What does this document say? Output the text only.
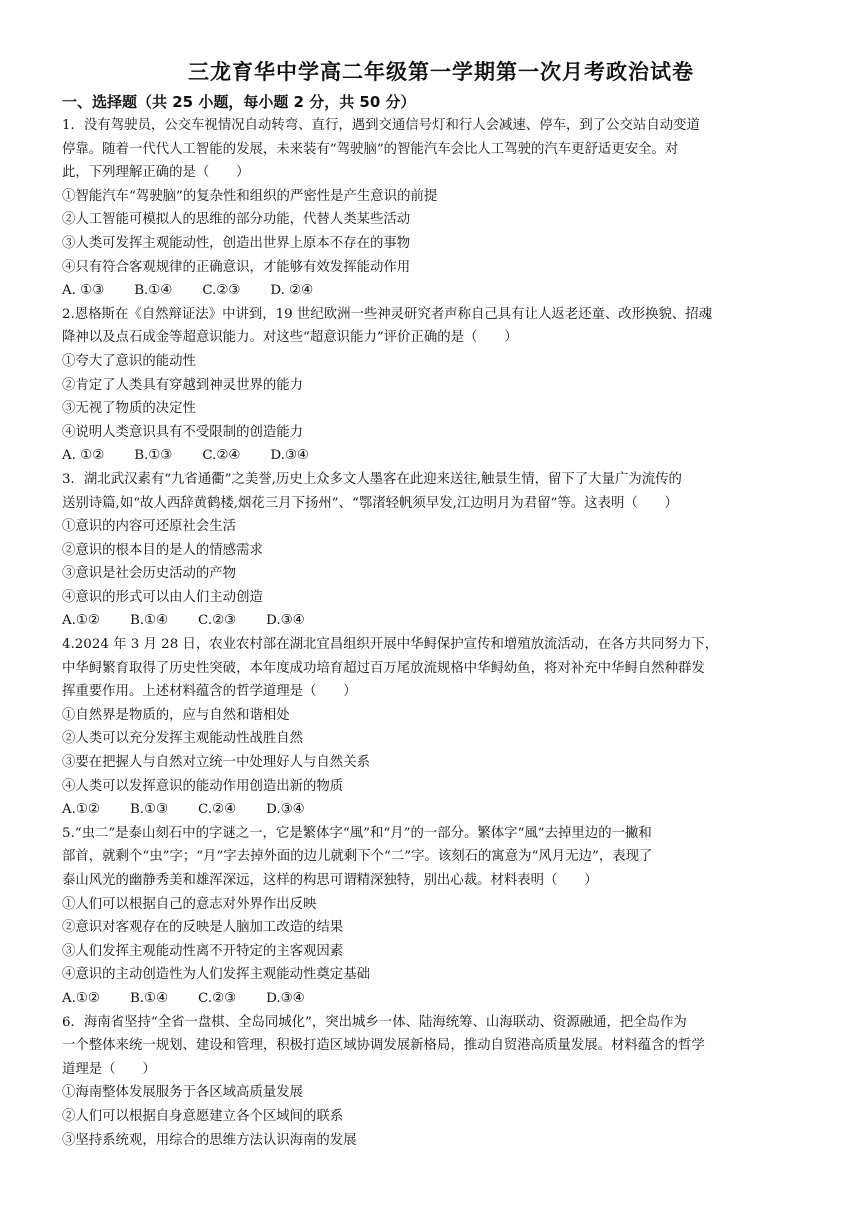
三龙育华中学高二年级第一学期第一次月考政治试卷

一、选择题（共 25 小题，每小题 2 分，共 50 分）

1．没有驾驶员，公交车视情况自动转弯、直行，遇到交通信号灯和行人会减速、停车，到了公交站自动变道

停靠。随着一代代人工智能的发展，未来装有“驾驶脑”的智能汽车会比人工驾驶的汽车更舒适更安全。对

此，下列理解正确的是（　　）

①智能汽车“驾驶脑”的复杂性和组织的严密性是产生意识的前提

②人工智能可模拟人的思维的部分功能，代替人类某些活动

③人类可发挥主观能动性，创造出世界上原本不存在的事物

④只有符合客观规律的正确意识，才能够有效发挥能动作用

A. ①③ B.①④ C.②③ D. ②④

2.恩格斯在《自然辩证法》中讲到，19 世纪欧洲一些神灵研究者声称自己具有让人返老还童、改形换貌、招魂

降神以及点石成金等超意识能力。对这些“超意识能力”评价正确的是（　　）

①夸大了意识的能动性

②肯定了人类具有穿越到神灵世界的能力

③无视了物质的决定性

④说明人类意识具有不受限制的创造能力

A. ①② B.①③ C.②④ D.③④

3．湖北武汉素有“九省通衢”之美誉,历史上众多文人墨客在此迎来送往,触景生情，留下了大量广为流传的

送别诗篇,如“故人西辞黄鹤楼,烟花三月下扬州”、“鄂渚轻帆须早发,江边明月为君留”等。这表明（　　）

①意识的内容可还原社会生活

②意识的根本目的是人的情感需求

③意识是社会历史活动的产物

④意识的形式可以由人们主动创造

A.①② B.①④ C.②③ D.③④

4.2024 年 3 月 28 日，农业农村部在湖北宜昌组织开展中华鲟保护宣传和增殖放流活动，在各方共同努力下，

中华鲟繁育取得了历史性突破，本年度成功培育超过百万尾放流规格中华鲟幼鱼，将对补充中华鲟自然种群发

挥重要作用。上述材料蕴含的哲学道理是（　　）

①自然界是物质的，应与自然和谐相处

②人类可以充分发挥主观能动性战胜自然

③要在把握人与自然对立统一中处理好人与自然关系

④人类可以发挥意识的能动作用创造出新的物质

A.①② B.①③ C.②④ D.③④

5.“虫二”是泰山刻石中的字谜之一，它是繁体字“風”和“月”的一部分。繁体字“風”去掉里边的一撇和

部首，就剩个“虫”字；“月”字去掉外面的边儿就剩下个“二”字。该刻石的寓意为“风月无边”，表现了

泰山风光的幽静秀美和雄浑深远，这样的构思可谓精深独特，别出心裁。材料表明（　　）

①人们可以根据自己的意志对外界作出反映

②意识对客观存在的反映是人脑加工改造的结果

③人们发挥主观能动性离不开特定的主客观因素

④意识的主动创造性为人们发挥主观能动性奠定基础

A.①② B.①④ C.②③ D.③④

6．海南省坚持“全省一盘棋、全岛同城化”，突出城乡一体、陆海统筹、山海联动、资源融通，把全岛作为

一个整体来统一规划、建设和管理，积极打造区域协调发展新格局，推动自贸港高质量发展。材料蕴含的哲学

道理是（　　）

①海南整体发展服务于各区域高质量发展

②人们可以根据自身意愿建立各个区域间的联系

③坚持系统观，用综合的思维方法认识海南的发展
